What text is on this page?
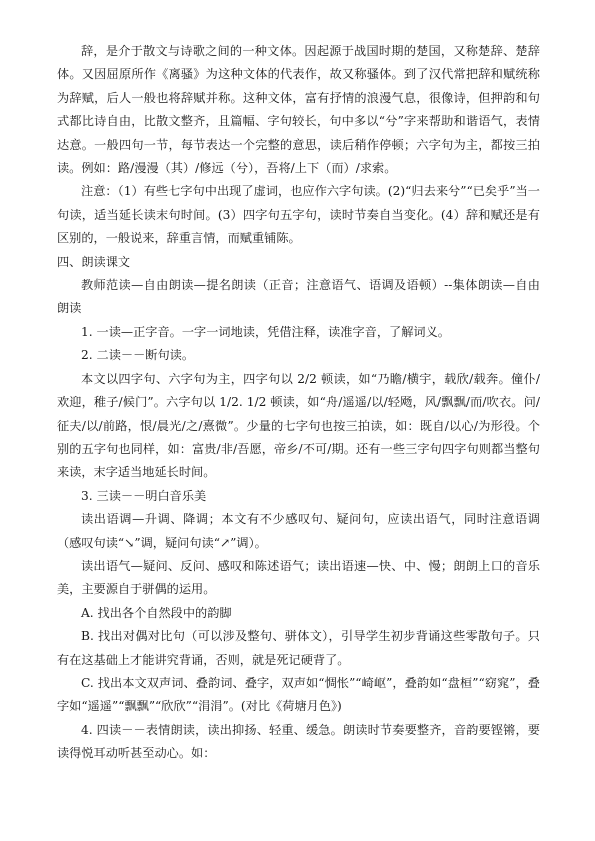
辞，是介于散文与诗歌之间的一种文体。因起源于战国时期的楚国，又称楚辞、楚辞体。又因屈原所作《离骚》为这种文体的代表作，故又称骚体。到了汉代常把辞和赋统称为辞赋，后人一般也将辞赋并称。这种文体，富有抒情的浪漫气息，很像诗，但押韵和句式都比诗自由，比散文整齐，且篇幅、字句较长，句中多以“兮”字来帮助和谐语气，表情达意。一般四句一节，每节表达一个完整的意思，读后稍作停顿；六字句为主，都按三拍读。例如：路/漫漫（其）/修远（兮），吾将/上下（而）/求索。

注意：（1）有些七字句中出现了虚词，也应作六字句读。(2)“归去来兮”“已矣乎”当一句读，适当延长读末句时间。(3）四字句五字句，读时节奏自当变化。(4）辞和赋还是有区别的，一般说来，辞重言情，而赋重铺陈。

四、朗读课文

教师范读—自由朗读—提名朗读（正音；注意语气、语调及语顿）--集体朗读—自由朗读

1. 一读—正字音。一字一词地读，凭借注释，读准字音，了解词义。

2. 二读－－断句读。

本文以四字句、六字句为主，四字句以 2/2 顿读，如“乃瞻/横宇，载欣/载奔。僮仆/欢迎，稚子/候门”。六字句以 1/2. 1/2 顿读，如“舟/遥遥/以/轻飏，风/飘飘/而/吹衣。问/征夫/以/前路，恨/晨光/之/熹微”。少量的七字句也按三拍读，如：既自/以心/为形役。个别的五字句也同样，如：富贵/非/吾愿，帝乡/不可/期。还有一些三字句四字句则都当整句来读，末字适当地延长时间。

3. 三读－－明白音乐美

读出语调—升调、降调；本文有不少感叹句、疑问句，应读出语气，同时注意语调（感叹句读“↘”调，疑问句读“↗”调）。

读出语气—疑问、反问、感叹和陈述语气；读出语速—快、中、慢；朗朗上口的音乐美，主要源自于骈偶的运用。

A. 找出各个自然段中的韵脚

B. 找出对偶对比句（可以涉及整句、骈体文），引导学生初步背诵这些零散句子。只有在这基础上才能讲究背诵，否则，就是死记硬背了。

C. 找出本文双声词、叠韵词、叠字，双声如“惆怅”“崎岖”，叠韵如“盘桓”“窈窕”，叠字如“遥遥”“飘飘”“欣欣”“涓涓”。(对比《荷塘月色》)

4. 四读－－表情朗读，读出抑扬、轻重、缓急。朗读时节奏要整齐，音韵要铿锵，要读得悦耳动听甚至动心。如：
